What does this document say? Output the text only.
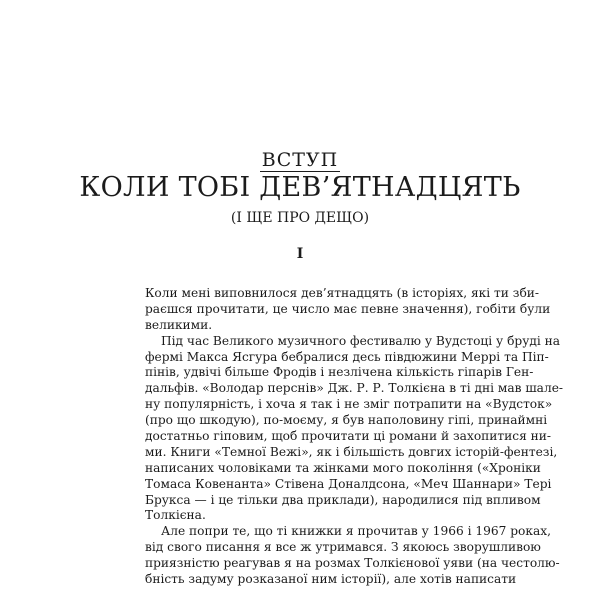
ВСТУП
КОЛИ ТОБІ ДЕВ’ЯТНАДЦЯТЬ
(І ЩЕ ПРО ДЕЩО)
I
Коли мені виповнилося дев’ятнадцять (в історіях, які ти зби-
раєшся прочитати, це число має певне значення), гобіти були
великими.
Під час Великого музичного фестивалю у Вудстоці у бруді на
фермі Макса Ясгура бебралися десь півдюжини Меррі та Піп-
пінів, удвічі більше Фродів і незлічена кількість гіпарів Ген-
дальфів. «Володар перснів» Дж. Р. Р. Толкієна в ті дні мав шале-
ну популярність, і хоча я так і не зміг потрапити на «Вудсток»
(про що шкодую), по-моєму, я був наполовину гіпі, принаймні
достатньо гіповим, щоб прочитати ці романи й захопитися ни-
ми. Книги «Темної Вежі», як і більшість довгих історій-фентезі,
написаних чоловіками та жінками мого покоління («Хроніки
Томаса Ковенанта» Стівена Доналдсона, «Меч Шаннари» Тері
Брукса — і це тільки два приклади), народилися під впливом
Толкієна.
Але попри те, що ті книжки я прочитав у 1966 і 1967 роках,
від свого писання я все ж утримався. З якоюсь зворушливою
приязністю реагував я на розмах Толкієнової уяви (на честолю-
бність задуму розказаної ним історії), але хотів написати
